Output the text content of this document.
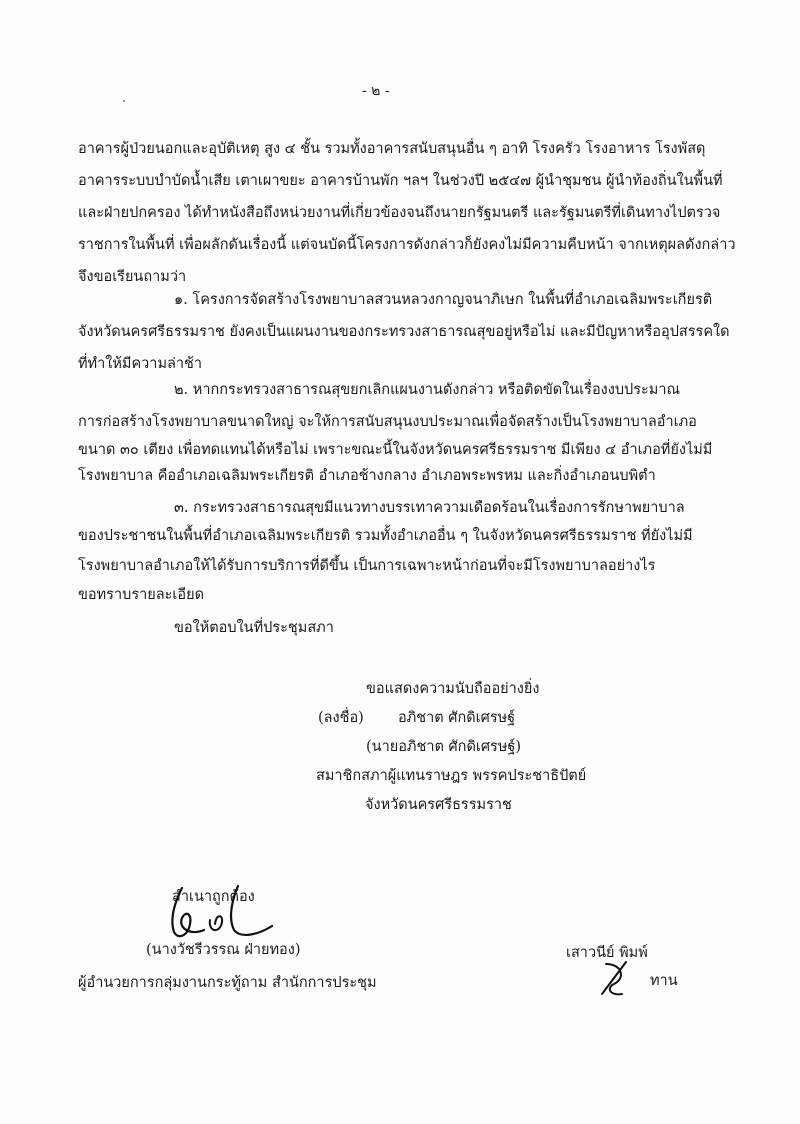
- ๒ -
อาคารผู้ป่วยนอกและอุบัติเหตุ สูง ๔ ชั้น รวมทั้งอาคารสนับสนุนอื่น ๆ อาทิ โรงครัว โรงอาหาร โรงพัสดุ
อาคารระบบบำบัดน้ำเสีย เตาเผาขยะ อาคารบ้านพัก ฯลฯ ในช่วงปี ๒๕๔๗ ผู้นำชุมชน ผู้นำท้องถิ่นในพื้นที่
และฝ่ายปกครอง ได้ทำหนังสือถึงหน่วยงานที่เกี่ยวข้องจนถึงนายกรัฐมนตรี และรัฐมนตรีที่เดินทางไปตรวจ
ราชการในพื้นที่ เพื่อผลักดันเรื่องนี้ แต่จนบัดนี้โครงการดังกล่าวก็ยังคงไม่มีความคืบหน้า จากเหตุผลดังกล่าว
จึงขอเรียนถามว่า
๑. โครงการจัดสร้างโรงพยาบาลสวนหลวงกาญจนาภิเษก ในพื้นที่อำเภอเฉลิมพระเกียรติ
จังหวัดนครศรีธรรมราช ยังคงเป็นแผนงานของกระทรวงสาธารณสุขอยู่หรือไม่ และมีปัญหาหรืออุปสรรคใด
ที่ทำให้มีความล่าช้า
๒. หากกระทรวงสาธารณสุขยกเลิกแผนงานดังกล่าว หรือติดขัดในเรื่องงบประมาณ
การก่อสร้างโรงพยาบาลขนาดใหญ่ จะให้การสนับสนุนงบประมาณเพื่อจัดสร้างเป็นโรงพยาบาลอำเภอ
ขนาด ๓๐ เตียง เพื่อทดแทนได้หรือไม่ เพราะขณะนี้ในจังหวัดนครศรีธรรมราช มีเพียง ๔ อำเภอที่ยังไม่มี
โรงพยาบาล คืออำเภอเฉลิมพระเกียรติ อำเภอช้างกลาง อำเภอพระพรหม และกิ่งอำเภอนบพิตำ
๓. กระทรวงสาธารณสุขมีแนวทางบรรเทาความเดือดร้อนในเรื่องการรักษาพยาบาล
ของประชาชนในพื้นที่อำเภอเฉลิมพระเกียรติ รวมทั้งอำเภออื่น ๆ ในจังหวัดนครศรีธรรมราช ที่ยังไม่มี
โรงพยาบาลอำเภอให้ได้รับการบริการที่ดีขึ้น เป็นการเฉพาะหน้าก่อนที่จะมีโรงพยาบาลอย่างไร
ขอทราบรายละเอียด
ขอให้ตอบในที่ประชุมสภา
ขอแสดงความนับถืออย่างยิ่ง
(ลงชื่อ) อภิชาต ศักดิเศรษฐ์
(นายอภิชาต ศักดิเศรษฐ์)
สมาชิกสภาผู้แทนราษฎร พรรคประชาธิปัตย์
จังหวัดนครศรีธรรมราช
สำเนาถูกต้อง
(นางวัชรีวรรณ ฝ่ายทอง)
ผู้อำนวยการกลุ่มงานกระทู้ถาม สำนักการประชุม
เสาวนีย์ พิมพ์
ทาน
